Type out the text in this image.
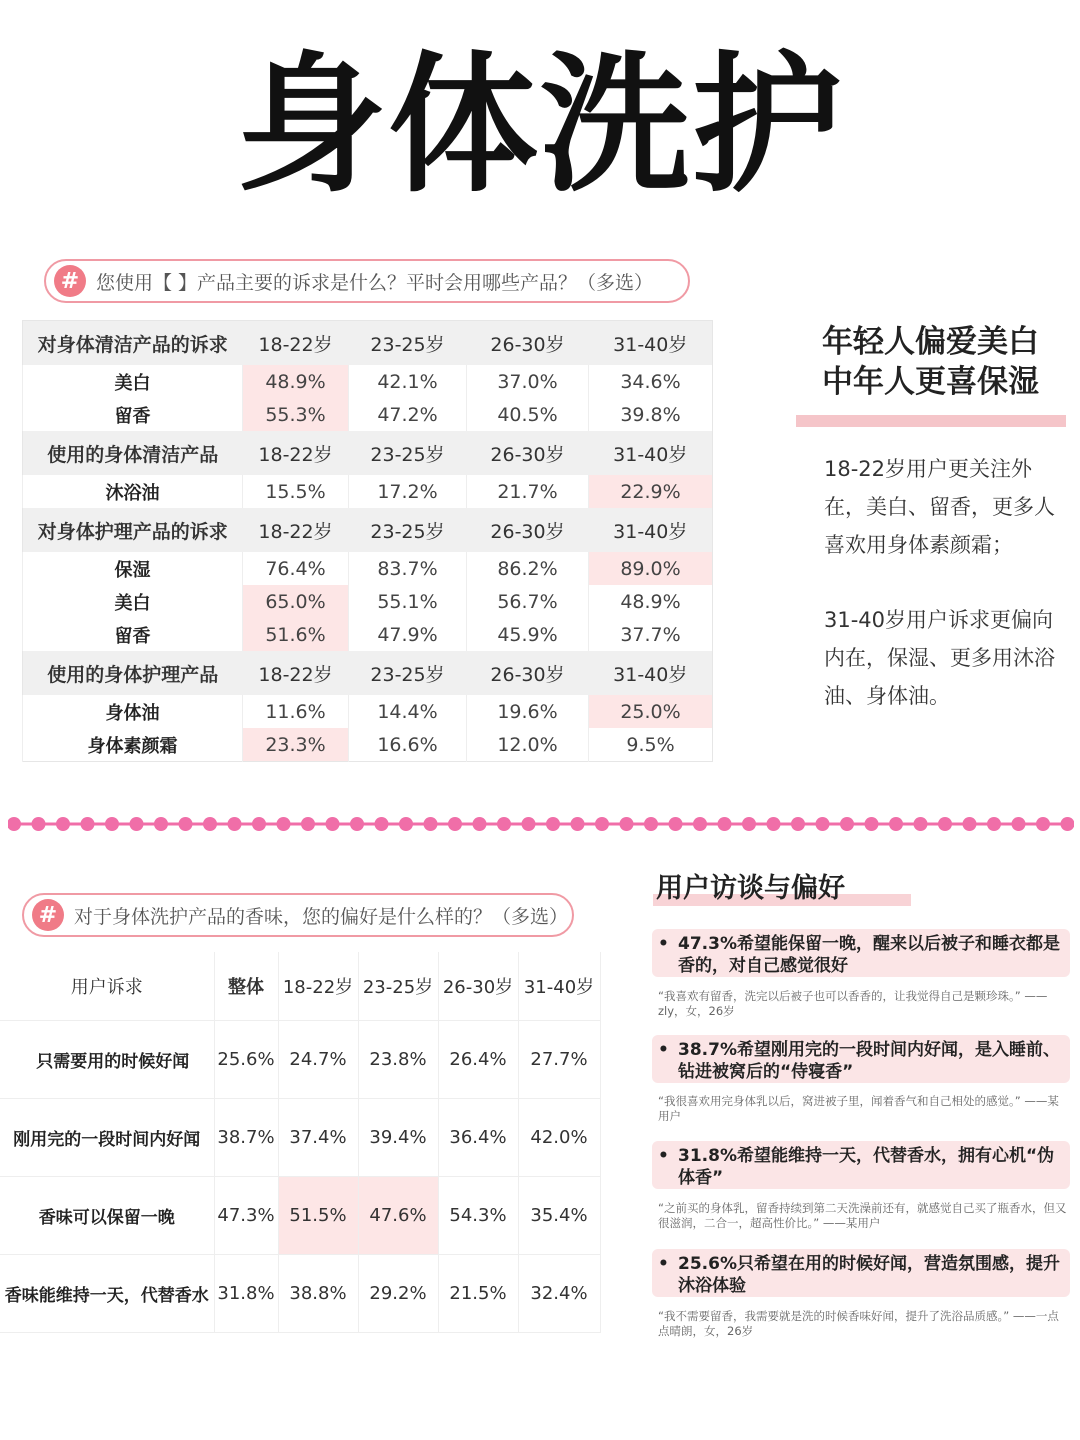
身体洗护
# 您使用【 】产品主要的诉求是什么？平时会用哪些产品？（多选）
对身体清洁产品的诉求	18-22岁	23-25岁	26-30岁	31-40岁
美白	48.9%	42.1%	37.0%	34.6%
留香	55.3%	47.2%	40.5%	39.8%
使用的身体清洁产品	18-22岁	23-25岁	26-30岁	31-40岁
沐浴油	15.5%	17.2%	21.7%	22.9%
对身体护理产品的诉求	18-22岁	23-25岁	26-30岁	31-40岁
保湿	76.4%	83.7%	86.2%	89.0%
美白	65.0%	55.1%	56.7%	48.9%
留香	51.6%	47.9%	45.9%	37.7%
使用的身体护理产品	18-22岁	23-25岁	26-30岁	31-40岁
身体油	11.6%	14.4%	19.6%	25.0%
身体素颜霜	23.3%	16.6%	12.0%	9.5%
年轻人偏爱美白
中年人更喜保湿
18-22岁用户更关注外在，美白、留香，更多人喜欢用身体素颜霜；
31-40岁用户诉求更偏向内在，保湿、更多用沐浴油、身体油。
# 对于身体洗护产品的香味，您的偏好是什么样的？（多选）
用户诉求	整体	18-22岁	23-25岁	26-30岁	31-40岁
只需要用的时候好闻	25.6%	24.7%	23.8%	26.4%	27.7%
刚用完的一段时间内好闻	38.7%	37.4%	39.4%	36.4%	42.0%
香味可以保留一晚	47.3%	51.5%	47.6%	54.3%	35.4%
香味能维持一天，代替香水	31.8%	38.8%	29.2%	21.5%	32.4%
用户访谈与偏好
• 47.3%希望能保留一晚，醒来以后被子和睡衣都是香的，对自己感觉很好
“我喜欢有留香，洗完以后被子也可以香香的，让我觉得自己是颗珍珠。” ——zly，女，26岁
• 38.7%希望刚用完的一段时间内好闻，是入睡前、钻进被窝后的“侍寝香”
“我很喜欢用完身体乳以后，窝进被子里，闻着香气和自己相处的感觉。” ——某用户
• 31.8%希望能维持一天，代替香水，拥有心机“伪体香”
“之前买的身体乳，留香持续到第二天洗澡前还有，就感觉自己买了瓶香水，但又很滋润，二合一，超高性价比。” ——某用户
• 25.6%只希望在用的时候好闻，营造氛围感，提升沐浴体验
“我不需要留香，我需要就是洗的时候香味好闻，提升了洗浴品质感。” ——一点点晴朗，女，26岁
